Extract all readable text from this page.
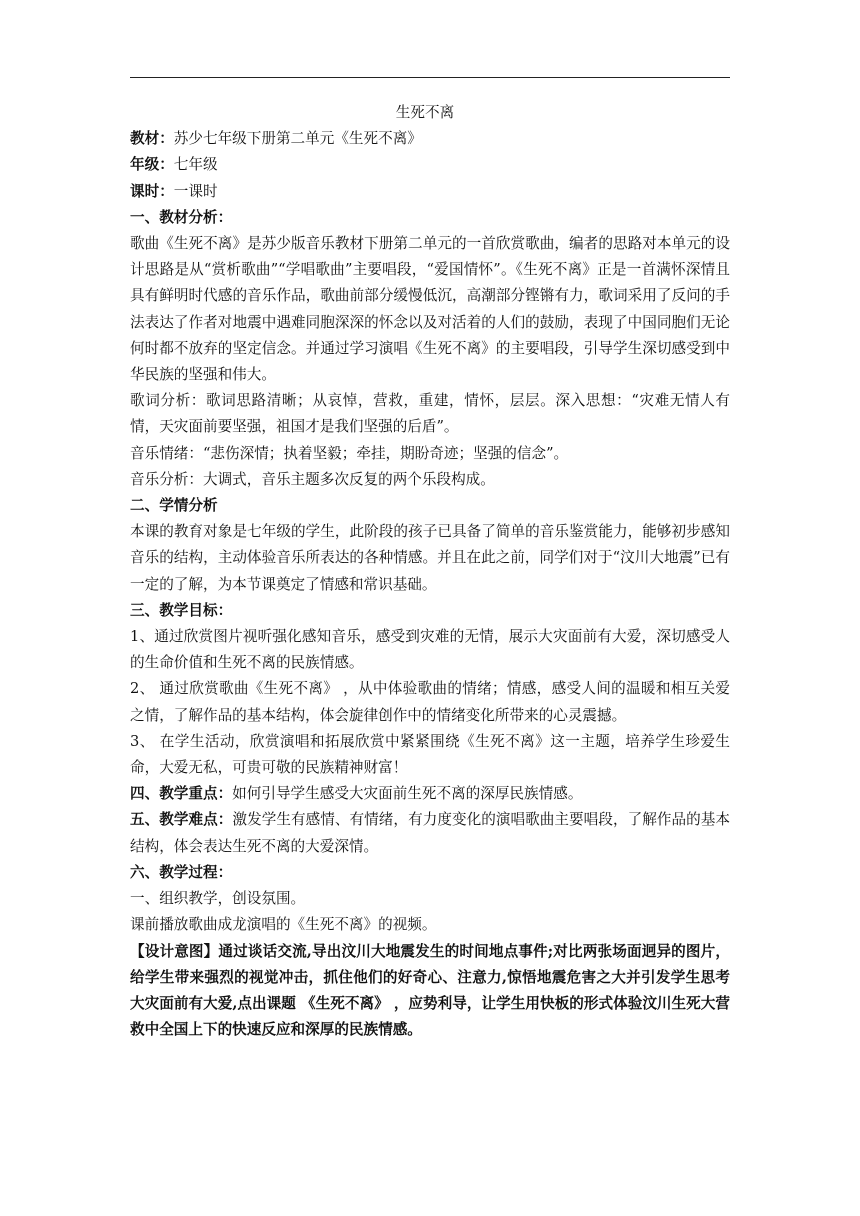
生死不离

教材：苏少七年级下册第二单元《生死不离》

年级：七年级

课时：一课时

一、教材分析：

歌曲《生死不离》是苏少版音乐教材下册第二单元的一首欣赏歌曲，编者的思路对本单元的设计思路是从“赏析歌曲”“学唱歌曲”主要唱段，“爱国情怀”。《生死不离》正是一首满怀深情且具有鲜明时代感的音乐作品，歌曲前部分缓慢低沉，高潮部分铿锵有力，歌词采用了反问的手法表达了作者对地震中遇难同胞深深的怀念以及对活着的人们的鼓励，表现了中国同胞们无论何时都不放弃的坚定信念。并通过学习演唱《生死不离》的主要唱段，引导学生深切感受到中华民族的坚强和伟大。

歌词分析：歌词思路清晰；从哀悼，营救，重建，情怀，层层。深入思想：“灾难无情人有情，天灾面前要坚强，祖国才是我们坚强的后盾”。

音乐情绪：“悲伤深情；执着坚毅；牵挂，期盼奇迹；坚强的信念”。

音乐分析：大调式，音乐主题多次反复的两个乐段构成。

二、学情分析

本课的教育对象是七年级的学生，此阶段的孩子已具备了简单的音乐鉴赏能力，能够初步感知音乐的结构，主动体验音乐所表达的各种情感。并且在此之前，同学们对于“汶川大地震”已有一定的了解，为本节课奠定了情感和常识基础。

三、教学目标：

1、通过欣赏图片视听强化感知音乐，感受到灾难的无情，展示大灾面前有大爱，深切感受人的生命价值和生死不离的民族情感。

2、 通过欣赏歌曲《生死不离》 ，从中体验歌曲的情绪；情感，感受人间的温暖和相互关爱之情，了解作品的基本结构，体会旋律创作中的情绪变化所带来的心灵震撼。

3、 在学生活动，欣赏演唱和拓展欣赏中紧紧围绕《生死不离》这一主题，培养学生珍爱生命，大爱无私，可贵可敬的民族精神财富！

四、教学重点：如何引导学生感受大灾面前生死不离的深厚民族情感。

五、教学难点：激发学生有感情、有情绪，有力度变化的演唱歌曲主要唱段，了解作品的基本结构，体会表达生死不离的大爱深情。

六、教学过程：

一、组织教学，创设氛围。

课前播放歌曲成龙演唱的《生死不离》的视频。

【设计意图】通过谈话交流,导出汶川大地震发生的时间地点事件;对比两张场面迥异的图片，给学生带来强烈的视觉冲击，抓住他们的好奇心、注意力,惊悟地震危害之大并引发学生思考大灾面前有大爱,点出课题 《生死不离》 ，应势利导，让学生用快板的形式体验汶川生死大营救中全国上下的快速反应和深厚的民族情感。
